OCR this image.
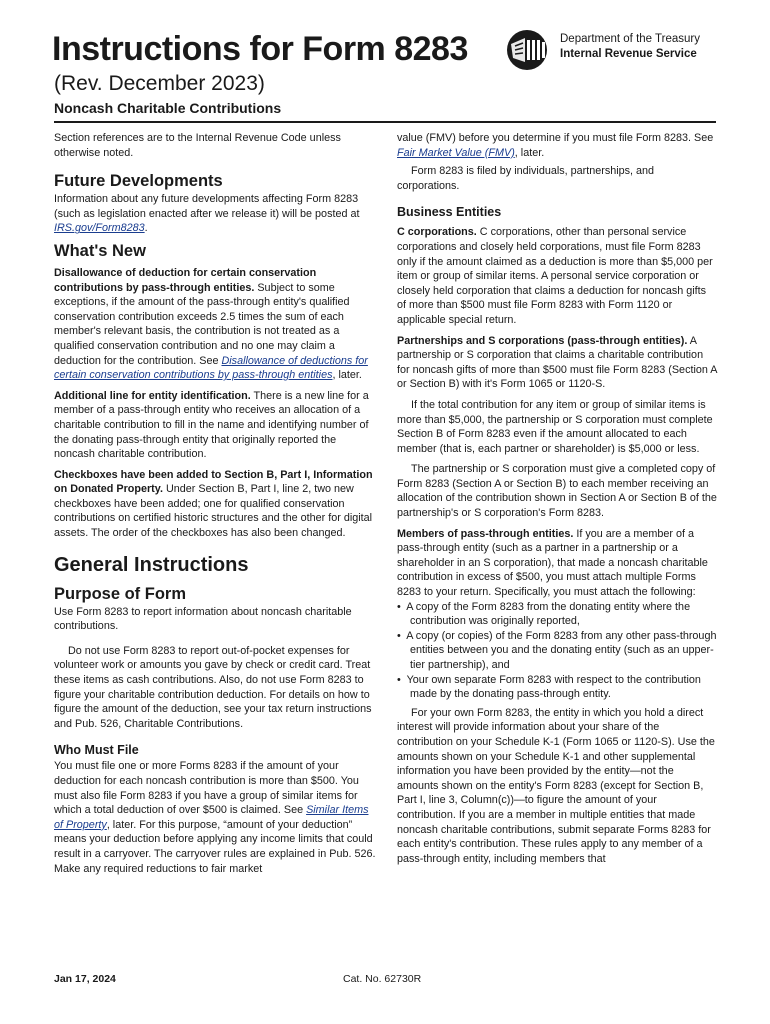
Instructions for Form 8283
(Rev. December 2023)
Noncash Charitable Contributions
Department of the Treasury
Internal Revenue Service

Section references are to the Internal Revenue Code unless otherwise noted.

Future Developments

Information about any future developments affecting Form 8283 (such as legislation enacted after we release it) will be posted at IRS.gov/Form8283.

What's New

Disallowance of deduction for certain conservation contributions by pass-through entities. Subject to some exceptions, if the amount of the pass-through entity's qualified conservation contribution exceeds 2.5 times the sum of each member's relevant basis, the contribution is not treated as a qualified conservation contribution and no one may claim a deduction for the contribution. See Disallowance of deductions for certain conservation contributions by pass-through entities, later.

Additional line for entity identification. There is a new line for a member of a pass-through entity who receives an allocation of a charitable contribution to fill in the name and identifying number of the donating pass-through entity that originally reported the noncash charitable contribution.

Checkboxes have been added to Section B, Part I, Information on Donated Property. Under Section B, Part I, line 2, two new checkboxes have been added; one for qualified conservation contributions on certified historic structures and the other for digital assets. The order of the checkboxes has also been changed.

General Instructions
Purpose of Form

Use Form 8283 to report information about noncash charitable contributions.

Do not use Form 8283 to report out-of-pocket expenses for volunteer work or amounts you gave by check or credit card. Treat these items as cash contributions. Also, do not use Form 8283 to figure your charitable contribution deduction. For details on how to figure the amount of the deduction, see your tax return instructions and Pub. 526, Charitable Contributions.

Who Must File

You must file one or more Forms 8283 if the amount of your deduction for each noncash contribution is more than $500. You must also file Form 8283 if you have a group of similar items for which a total deduction of over $500 is claimed. See Similar Items of Property, later. For this purpose, “amount of your deduction” means your deduction before applying any income limits that could result in a carryover. The carryover rules are explained in Pub. 526. Make any required reductions to fair market

value (FMV) before you determine if you must file Form 8283. See Fair Market Value (FMV), later.

Form 8283 is filed by individuals, partnerships, and corporations.

Business Entities

C corporations. C corporations, other than personal service corporations and closely held corporations, must file Form 8283 only if the amount claimed as a deduction is more than $5,000 per item or group of similar items. A personal service corporation or closely held corporation that claims a deduction for noncash gifts of more than $500 must file Form 8283 with Form 1120 or applicable special return.

Partnerships and S corporations (pass-through entities). A partnership or S corporation that claims a charitable contribution for noncash gifts of more than $500 must file Form 8283 (Section A or Section B) with it's Form 1065 or 1120-S.

If the total contribution for any item or group of similar items is more than $5,000, the partnership or S corporation must complete Section B of Form 8283 even if the amount allocated to each member (that is, each partner or shareholder) is $5,000 or less.

The partnership or S corporation must give a completed copy of Form 8283 (Section A or Section B) to each member receiving an allocation of the contribution shown in Section A or Section B of the partnership's or S corporation's Form 8283.

Members of pass-through entities. If you are a member of a pass-through entity (such as a partner in a partnership or a shareholder in an S corporation), that made a noncash charitable contribution in excess of $500, you must attach multiple Forms 8283 to your return. Specifically, you must attach the following:

•  A copy of the Form 8283 from the donating entity where the contribution was originally reported,

•  A copy (or copies) of the Form 8283 from any other pass-through entities between you and the donating entity (such as an upper-tier partnership), and

•  Your own separate Form 8283 with respect to the contribution made by the donating pass-through entity.

For your own Form 8283, the entity in which you hold a direct interest will provide information about your share of the contribution on your Schedule K-1 (Form 1065 or 1120-S). Use the amounts shown on your Schedule K-1 and other supplemental information you have been provided by the entity—not the amounts shown on the entity's Form 8283 (except for Section B, Part I, line 3, Column(c))—to figure the amount of your contribution. If you are a member in multiple entities that made noncash charitable contributions, submit separate Forms 8283 for each entity's contribution. These rules apply to any member of a pass-through entity, including members that

Jan 17, 2024	Cat. No. 62730R
